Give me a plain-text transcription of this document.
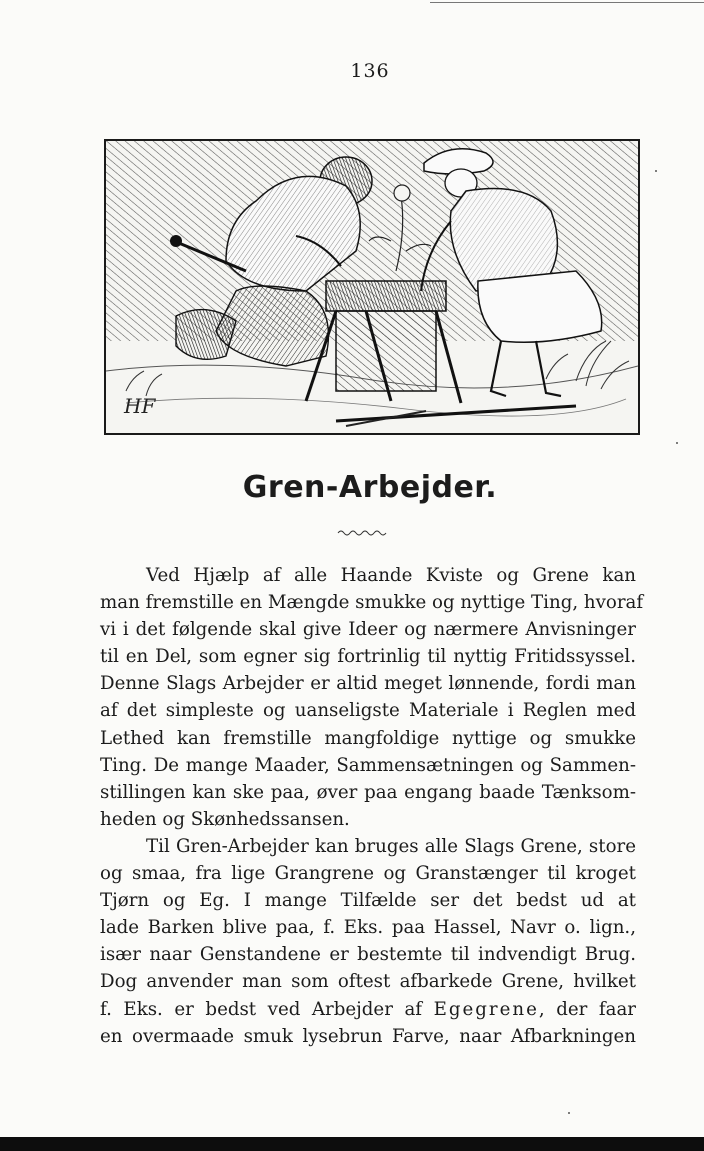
136
HF
Gren-Arbejder.
Ved Hjælp af alle Haande Kviste og Grene kan
man fremstille en Mængde smukke og nyttige Ting, hvoraf
vi i det følgende skal give Ideer og nærmere Anvisninger
til en Del, som egner sig fortrinlig til nyttig Fritidssyssel.
Denne Slags Arbejder er altid meget lønnende, fordi man
af det simpleste og uanseligste Materiale i Reglen med
Lethed kan fremstille mangfoldige nyttige og smukke
Ting. De mange Maader, Sammensætningen og Sammen-
stillingen kan ske paa, øver paa engang baade Tænksom-
heden og Skønhedssansen.
Til Gren-Arbejder kan bruges alle Slags Grene, store
og smaa, fra lige Grangrene og Granstænger til kroget
Tjørn og Eg. I mange Tilfælde ser det bedst ud at
lade Barken blive paa, f. Eks. paa Hassel, Navr o. lign.,
især naar Genstandene er bestemte til indvendigt Brug.
Dog anvender man som oftest afbarkede Grene, hvilket
f. Eks. er bedst ved Arbejder af Egegrene, der faar
en overmaade smuk lysebrun Farve, naar Afbarkningen
